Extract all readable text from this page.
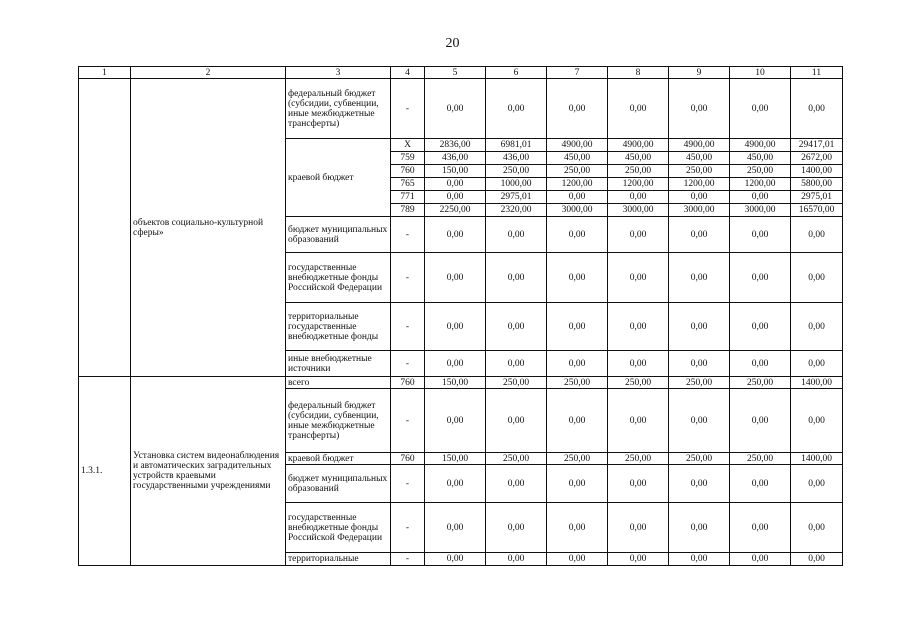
20
1	2	3	4	5	6	7	8	9	10	11
	объектов социально-культурной сферы»	федеральный бюджет (субсидии, субвенции, иные межбюджетные трансферты)	-	0,00	0,00	0,00	0,00	0,00	0,00	0,00
		краевой бюджет	Х	2836,00	6981,01	4900,00	4900,00	4900,00	4900,00	29417,01
			759	436,00	436,00	450,00	450,00	450,00	450,00	2672,00
			760	150,00	250,00	250,00	250,00	250,00	250,00	1400,00
			765	0,00	1000,00	1200,00	1200,00	1200,00	1200,00	5800,00
			771	0,00	2975,01	0,00	0,00	0,00	0,00	2975,01
			789	2250,00	2320,00	3000,00	3000,00	3000,00	3000,00	16570,00
		бюджет муниципальных образований	-	0,00	0,00	0,00	0,00	0,00	0,00	0,00
		государственные внебюджетные фонды Российской Федерации	-	0,00	0,00	0,00	0,00	0,00	0,00	0,00
		территориальные государственные внебюджетные фонды	-	0,00	0,00	0,00	0,00	0,00	0,00	0,00
		иные внебюджетные источники	-	0,00	0,00	0,00	0,00	0,00	0,00	0,00
1.3.1.	Установка систем видеонаблюдения и автоматических заградительных устройств краевыми государственными учреждениями	всего	760	150,00	250,00	250,00	250,00	250,00	250,00	1400,00
		федеральный бюджет (субсидии, субвенции, иные межбюджетные трансферты)	-	0,00	0,00	0,00	0,00	0,00	0,00	0,00
		краевой бюджет	760	150,00	250,00	250,00	250,00	250,00	250,00	1400,00
		бюджет муниципальных образований	-	0,00	0,00	0,00	0,00	0,00	0,00	0,00
		государственные внебюджетные фонды Российской Федерации	-	0,00	0,00	0,00	0,00	0,00	0,00	0,00
		территориальные	-	0,00	0,00	0,00	0,00	0,00	0,00	0,00
